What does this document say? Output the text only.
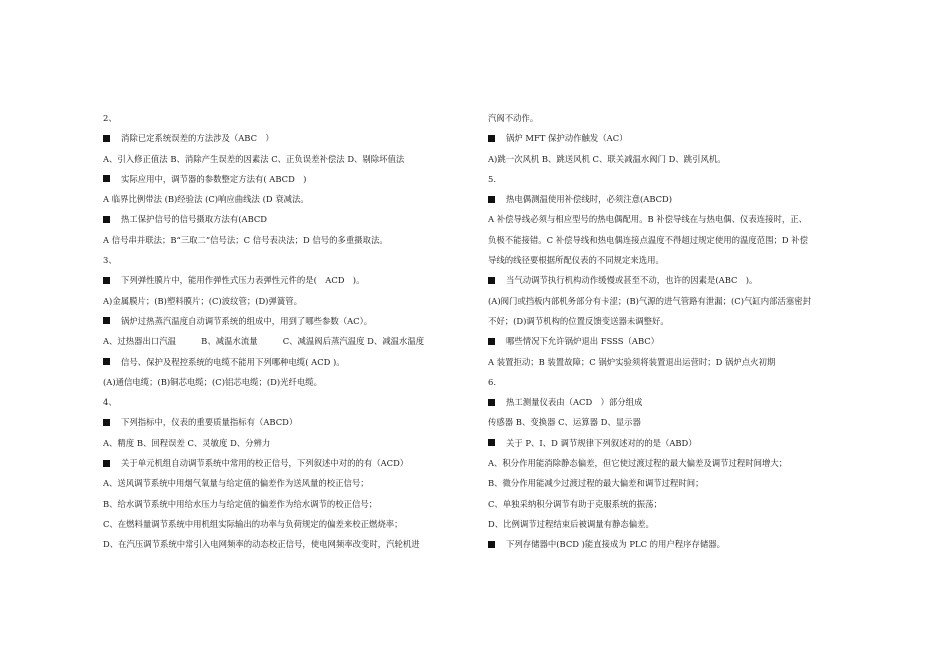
2、
消除已定系统误差的方法涉及（ABC　）
A、引入修正值法 B、消除产生误差的因素法 C、正负误差补偿法 D、剔除坏值法
实际应用中，调节器的参数整定方法有( ABCD　)
A 临界比例带法 (B)经验法 (C)响应曲线法 (D 衰减法。
热工保护信号的信号摄取方法有(ABCD
A 信号串并联法；B“三取二”信号法；C 信号表决法；D 信号的多重摄取法。
3、
下列弹性膜片中，能用作弹性式压力表弹性元件的是(　ACD　)。
A)金属膜片；(B)塑料膜片；(C)波纹管；(D)弹簧管。
锅炉过热蒸汽温度自动调节系统的组成中，用到了哪些参数（AC）。
A、过热器出口汽温　　　B、减温水流量　　　C、减温阀后蒸汽温度 D、减温水温度
信号、保护及程控系统的电缆不能用下列哪种电缆( ACD )。
(A)通信电缆；(B)铜芯电缆；(C)铝芯电缆；(D)光纤电缆。
4、
下列指标中，仪表的重要质量指标有（ABCD）
A、精度 B、回程误差 C、灵敏度 D、分辨力
关于单元机组自动调节系统中常用的校正信号，下列叙述中对的的有（ACD）
A、送风调节系统中用烟气氧量与给定值的偏差作为送风量的校正信号；
B、给水调节系统中用给水压力与给定值的偏差作为给水调节的校正信号；
C、在燃料量调节系统中用机组实际输出的功率与负荷规定的偏差来校正燃烧率；
D、在汽压调节系统中常引入电网频率的动态校正信号，使电网频率改变时，汽轮机进
汽阀不动作。
锅炉 MFT 保护动作触发（AC）
A)跳一次风机 B、跳送风机 C、联关减温水阀门 D、跳引风机。
5.
热电偶测温使用补偿线时，必须注意(ABCD)
A 补偿导线必须与相应型号的热电偶配用。B 补偿导线在与热电偶、仪表连接时，正、
负极不能接错。C 补偿导线和热电偶连接点温度不得超过规定使用的温度范围；D 补偿
导线的线径要根据所配仪表的不同规定来选用。
当气动调节执行机构动作缓慢或甚至不动，也许的因素是(ABC　)。
(A)阀门或挡板内部机务部分有卡涩；(B)气源的进气管路有泄漏；(C)气缸内部活塞密封
不好；(D)调节机构的位置反馈变送器未调整好。
哪些情况下允许锅炉退出 FSSS（ABC）
A 装置拒动；B 装置故障；C 锅炉实验须将装置退出运营时；D 锅炉点火初期
6.
热工测量仪表由（ACD　）部分组成
传感器 B、变换器 C、运算器 D、显示器
关于 P、I、D 调节规律下列叙述对的的是（ABD）
A、积分作用能消除静态偏差，但它使过渡过程的最大偏差及调节过程时间增大；
B、微分作用能减少过渡过程的最大偏差和调节过程时间；
C、单独采纳积分调节有助于克服系统的振荡；
D、比例调节过程结束后被调量有静态偏差。
下列存储器中(BCD )能直接成为 PLC 的用户程序存储器。
